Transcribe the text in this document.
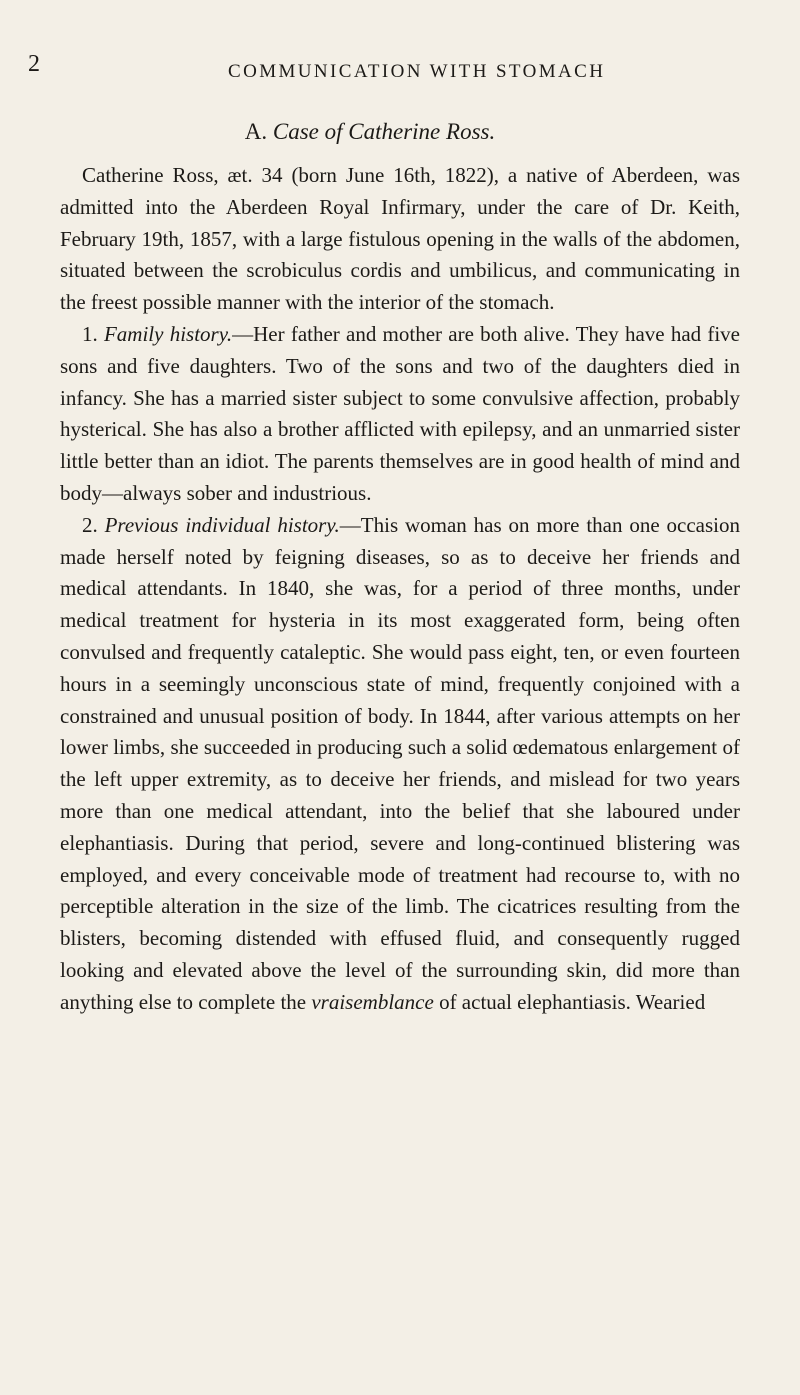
2	COMMUNICATION WITH STOMACH
A. Case of Catherine Ross.

Catherine Ross, æt. 34 (born June 16th, 1822), a native of Aberdeen, was admitted into the Aberdeen Royal Infirmary, under the care of Dr. Keith, February 19th, 1857, with a large fistulous opening in the walls of the abdomen, situated between the scrobiculus cordis and umbilicus, and communicating in the freest possible manner with the interior of the stomach.

1. Family history.—Her father and mother are both alive. They have had five sons and five daughters. Two of the sons and two of the daughters died in infancy. She has a married sister subject to some convulsive affection, probably hysterical. She has also a brother afflicted with epilepsy, and an unmarried sister little better than an idiot. The parents themselves are in good health of mind and body—always sober and industrious.

2. Previous individual history.—This woman has on more than one occasion made herself noted by feigning diseases, so as to deceive her friends and medical attendants. In 1840, she was, for a period of three months, under medical treatment for hysteria in its most exaggerated form, being often convulsed and frequently cataleptic. She would pass eight, ten, or even fourteen hours in a seemingly unconscious state of mind, frequently conjoined with a constrained and unusual position of body. In 1844, after various attempts on her lower limbs, she succeeded in producing such a solid œdematous enlargement of the left upper extremity, as to deceive her friends, and mislead for two years more than one medical attendant, into the belief that she laboured under elephantiasis. During that period, severe and long-continued blistering was employed, and every conceivable mode of treatment had recourse to, with no perceptible alteration in the size of the limb. The cicatrices resulting from the blisters, becoming distended with effused fluid, and consequently rugged looking and elevated above the level of the surrounding skin, did more than anything else to complete the vraisemblance of actual elephantiasis. Wearied
